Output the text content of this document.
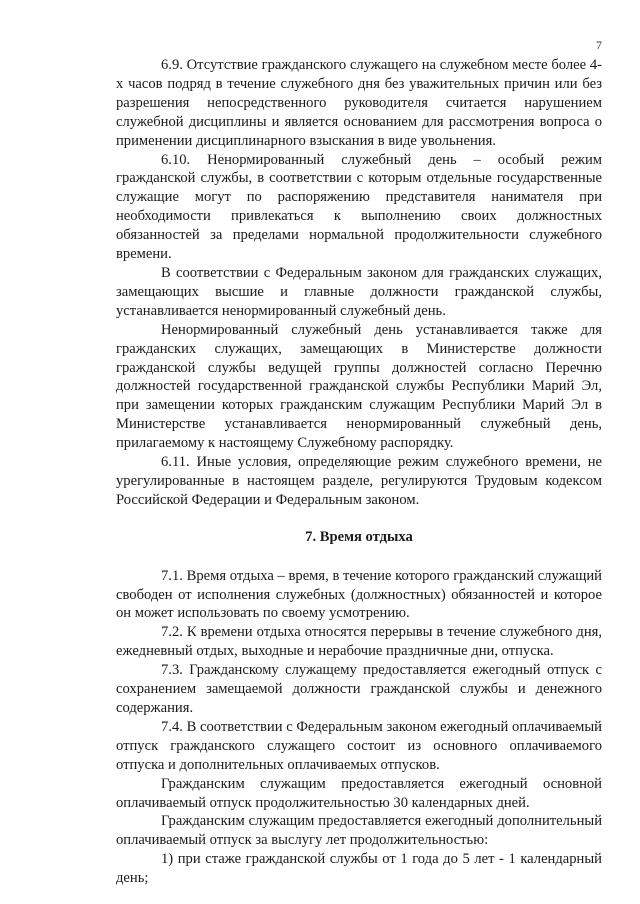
7

6.9. Отсутствие гражданского служащего на служебном месте более 4-х часов подряд в течение служебного дня без уважительных причин или без разрешения непосредственного руководителя считается нарушением служебной дисциплины и является основанием для рассмотрения вопроса о применении дисциплинарного взыскания в виде увольнения.

6.10. Ненормированный служебный день – особый режим гражданской службы, в соответствии с которым отдельные государственные служащие могут по распоряжению представителя нанимателя при необходимости привлекаться к выполнению своих должностных обязанностей за пределами нормальной продолжительности служебного времени.

В соответствии с Федеральным законом для гражданских служащих, замещающих высшие и главные должности гражданской службы, устанавливается ненормированный служебный день.

Ненормированный служебный день устанавливается также для гражданских служащих, замещающих в Министерстве должности гражданской службы ведущей группы должностей согласно Перечню должностей государственной гражданской службы Республики Марий Эл, при замещении которых гражданским служащим Республики Марий Эл в Министерстве устанавливается ненормированный служебный день, прилагаемому к настоящему Служебному распорядку.

6.11. Иные условия, определяющие режим служебного времени, не урегулированные в настоящем разделе, регулируются Трудовым кодексом Российской Федерации и Федеральным законом.

7. Время отдыха

7.1. Время отдыха – время, в течение которого гражданский служащий свободен от исполнения служебных (должностных) обязанностей и которое он может использовать по своему усмотрению.

7.2. К времени отдыха относятся перерывы в течение служебного дня, ежедневный отдых, выходные и нерабочие праздничные дни, отпуска.

7.3. Гражданскому служащему предоставляется ежегодный отпуск с сохранением замещаемой должности гражданской службы и денежного содержания.

7.4. В соответствии с Федеральным законом ежегодный оплачиваемый отпуск гражданского служащего состоит из основного оплачиваемого отпуска и дополнительных оплачиваемых отпусков.

Гражданским служащим предоставляется ежегодный основной оплачиваемый отпуск продолжительностью 30 календарных дней.

Гражданским служащим предоставляется ежегодный дополнительный оплачиваемый отпуск за выслугу лет продолжительностью:

1) при стаже гражданской службы от 1 года до 5 лет - 1 календарный день;
